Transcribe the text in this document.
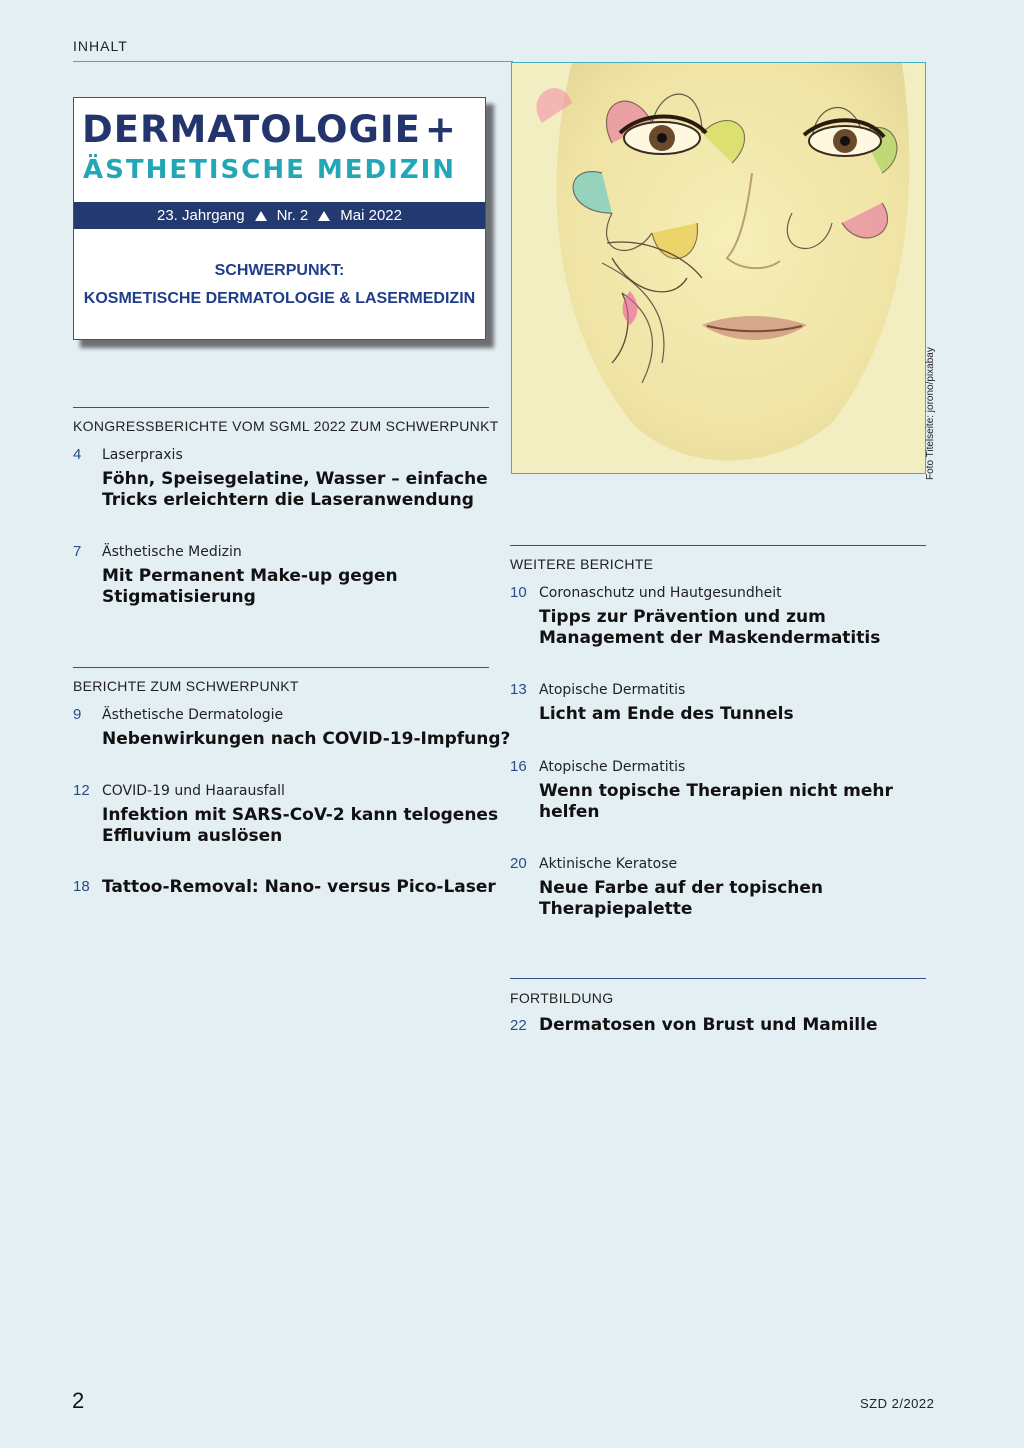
INHALT
DERMATOLOGIE +
ÄSTHETISCHE MEDIZIN
23. Jahrgang Nr. 2 Mai 2022
SCHWERPUNKT:
KOSMETISCHE DERMATOLOGIE & LASERMEDIZIN
Foto Titelseite: jorono/pixabay
KONGRESSBERICHTE VOM SGML 2022 ZUM SCHWERPUNKT
4 Laserpraxis
Föhn, Speisegelatine, Wasser – einfache
Tricks erleichtern die Laseranwendung
7 Ästhetische Medizin
Mit Permanent Make-up gegen
Stigmatisierung
BERICHTE ZUM SCHWERPUNKT
9 Ästhetische Dermatologie
Nebenwirkungen nach COVID-19-Impfung?
12 COVID-19 und Haarausfall
Infektion mit SARS-CoV-2 kann telogenes
Effluvium auslösen
18 Tattoo-Removal: Nano- versus Pico-Laser
WEITERE BERICHTE
10 Coronaschutz und Hautgesundheit
Tipps zur Prävention und zum
Management der Maskendermatitis
13 Atopische Dermatitis
Licht am Ende des Tunnels
16 Atopische Dermatitis
Wenn topische Therapien nicht mehr
helfen
20 Aktinische Keratose
Neue Farbe auf der topischen
Therapiepalette
FORTBILDUNG
22 Dermatosen von Brust und Mamille
2	SZD 2/2022
